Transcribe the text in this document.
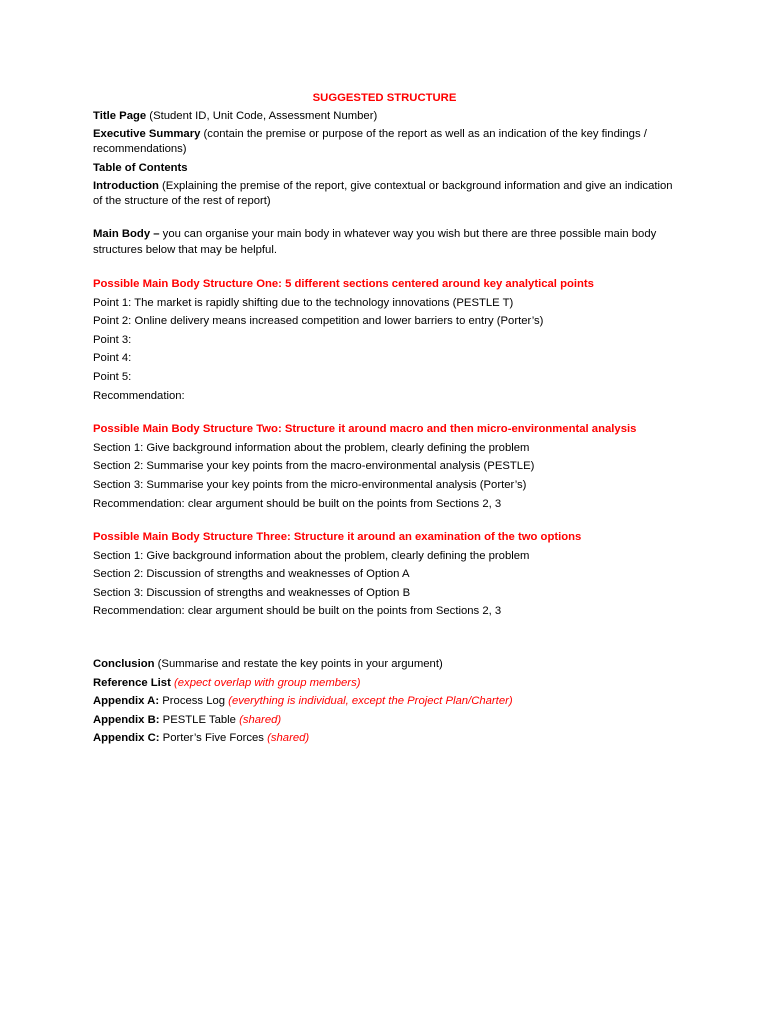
SUGGESTED STRUCTURE
Title Page (Student ID, Unit Code, Assessment Number)
Executive Summary (contain the premise or purpose of the report as well as an indication of the key findings / recommendations)
Table of Contents
Introduction (Explaining the premise of the report, give contextual or background information and give an indication of the structure of the rest of report)
Main Body – you can organise your main body in whatever way you wish but there are three possible main body structures below that may be helpful.
Possible Main Body Structure One: 5 different sections centered around key analytical points
Point 1: The market is rapidly shifting due to the technology innovations (PESTLE T)
Point 2: Online delivery means increased competition and lower barriers to entry (Porter’s)
Point 3:
Point 4:
Point 5:
Recommendation:
Possible Main Body Structure Two: Structure it around macro and then micro-environmental analysis
Section 1: Give background information about the problem, clearly defining the problem
Section 2: Summarise your key points from the macro-environmental analysis (PESTLE)
Section 3: Summarise your key points from the micro-environmental analysis (Porter’s)
Recommendation: clear argument should be built on the points from Sections 2, 3
Possible Main Body Structure Three: Structure it around an examination of the two options
Section 1: Give background information about the problem, clearly defining the problem
Section 2: Discussion of strengths and weaknesses of Option A
Section 3: Discussion of strengths and weaknesses of Option B
Recommendation: clear argument should be built on the points from Sections 2, 3
Conclusion (Summarise and restate the key points in your argument)
Reference List (expect overlap with group members)
Appendix A: Process Log (everything is individual, except the Project Plan/Charter)
Appendix B: PESTLE Table (shared)
Appendix C: Porter’s Five Forces (shared)
